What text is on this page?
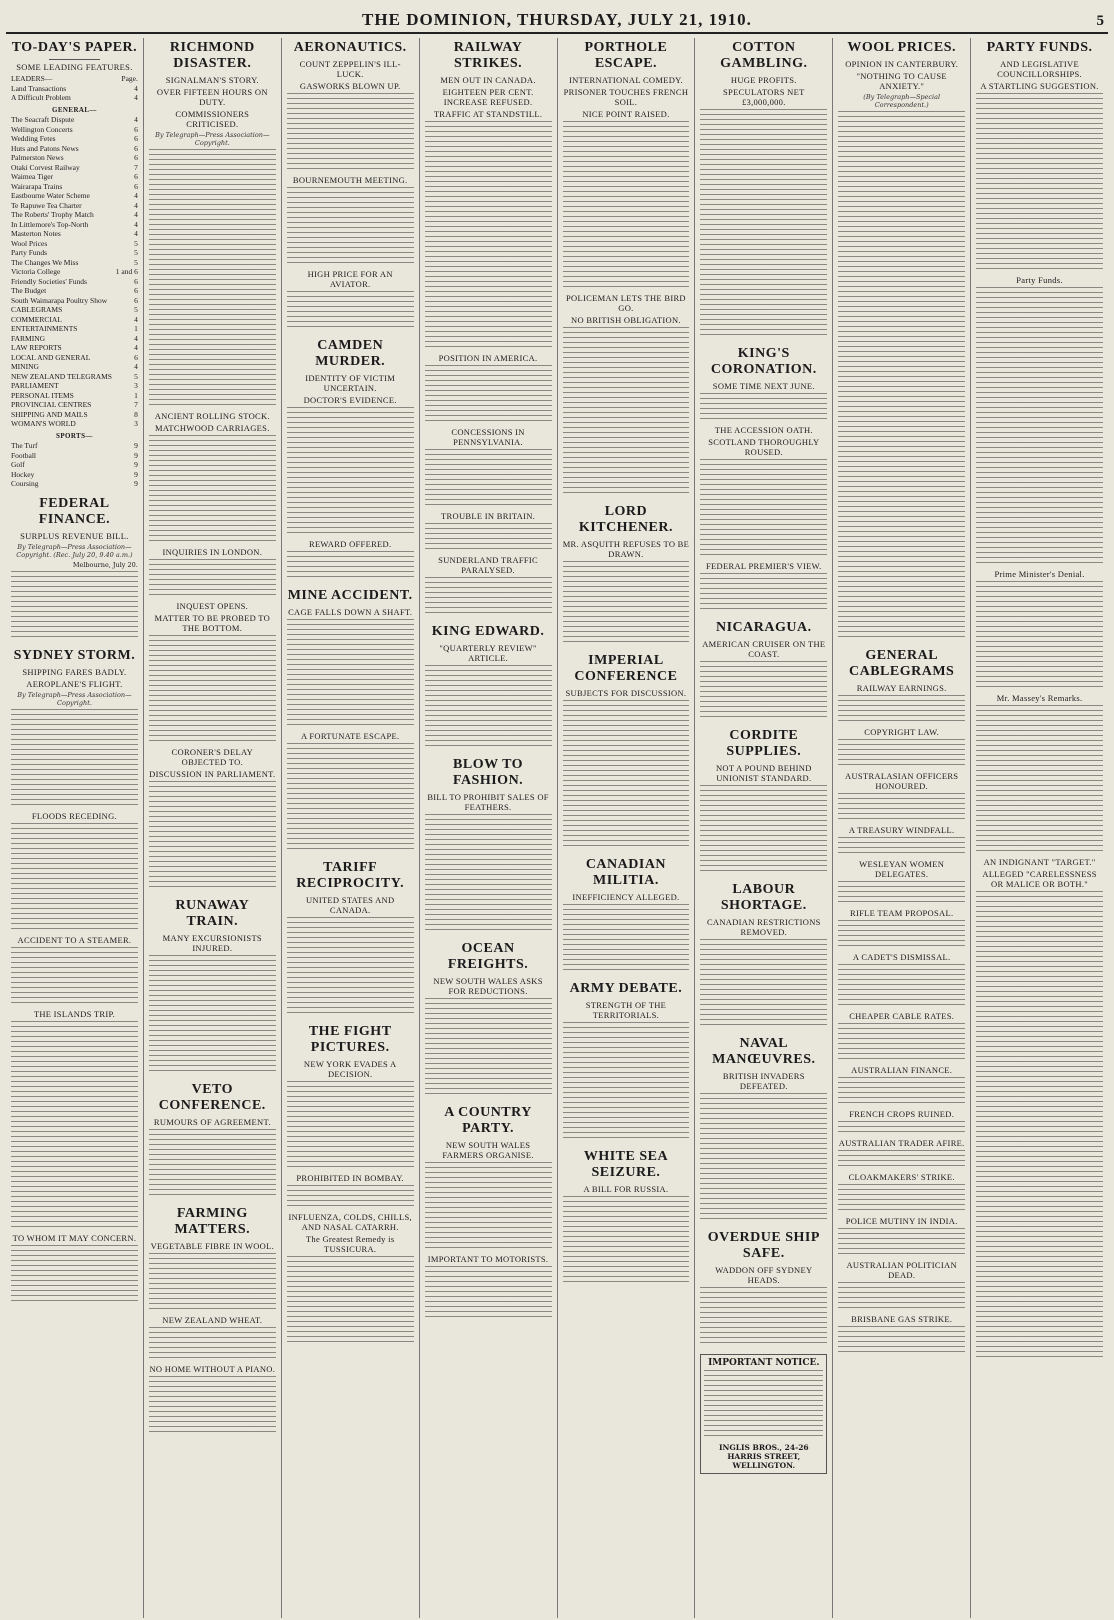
THE DOMINION, THURSDAY, JULY 21, 1910.	5
TO-DAY'S PAPER.
SOME LEADING FEATURES.
LEADERS—	Page.
Land Transactions	4
A Difficult Problem	4
GENERAL—
The Seacraft Dispute	4
Wellington Concerts	6
Wedding Fetes	6
Huts and Patons News	6
Palmerston News	6
Otaki Corvest Railway	7
Waimea Tiger	6
Wairarapa Trains	6
Eastbourne Water Scheme	4
Te Rapuwe Tea Charter	4
The Roberts' Trophy Match	4
In Littlemore's Top-North	4
Masterton Notes	4
Wool Prices	5
Party Funds	5
The Changes We Miss	5
Victoria College	1 and 6
Friendly Societies' Funds	6
The Budget	6
South Waimarapa Poultry Show	6
CABLEGRAMS	5
COMMERCIAL	4
ENTERTAINMENTS	1
FARMING	4
LAW REPORTS	4
LOCAL AND GENERAL	6
MINING	4
NEW ZEALAND TELEGRAMS	5
PARLIAMENT	3
PERSONAL ITEMS	1
PROVINCIAL CENTRES	7
SHIPPING AND MAILS	8
WOMAN'S WORLD	3
SPORTS—
The Turf	9
Football	9
Golf	9
Hockey	9
Coursing	9
FEDERAL FINANCE.
SURPLUS REVENUE BILL.
By Telegraph—Press Association—Copyright. (Rec. July 20, 9.40 a.m.)
Melbourne, July 20.
SYDNEY STORM.
SHIPPING FARES BADLY.
AEROPLANE'S FLIGHT.
By Telegraph—Press Association—Copyright.
FLOODS RECEDING.
ACCIDENT TO A STEAMER.
THE ISLANDS TRIP.
TO WHOM IT MAY CONCERN.
RICHMOND DISASTER.
SIGNALMAN'S STORY.
OVER FIFTEEN HOURS ON DUTY.
COMMISSIONERS CRITICISED.
By Telegraph—Press Association—Copyright.
ANCIENT ROLLING STOCK.
MATCHWOOD CARRIAGES.
INQUIRIES IN LONDON.
INQUEST OPENS.
MATTER TO BE PROBED TO THE BOTTOM.
CORONER'S DELAY OBJECTED TO.
DISCUSSION IN PARLIAMENT.
RUNAWAY TRAIN.
MANY EXCURSIONISTS INJURED.
VETO CONFERENCE.
RUMOURS OF AGREEMENT.
FARMING MATTERS.
VEGETABLE FIBRE IN WOOL.
NEW ZEALAND WHEAT.
NO HOME WITHOUT A PIANO.
AERONAUTICS.
COUNT ZEPPELIN'S ILL-LUCK.
GASWORKS BLOWN UP.
BOURNEMOUTH MEETING.
HIGH PRICE FOR AN AVIATOR.
CAMDEN MURDER.
IDENTITY OF VICTIM UNCERTAIN.
DOCTOR'S EVIDENCE.
REWARD OFFERED.
MINE ACCIDENT.
CAGE FALLS DOWN A SHAFT.
A FORTUNATE ESCAPE.
TARIFF RECIPROCITY.
UNITED STATES AND CANADA.
THE FIGHT PICTURES.
NEW YORK EVADES A DECISION.
PROHIBITED IN BOMBAY.
INFLUENZA, COLDS, CHILLS, AND NASAL CATARRH.
The Greatest Remedy is TUSSICURA.
RAILWAY STRIKES.
MEN OUT IN CANADA.
EIGHTEEN PER CENT. INCREASE REFUSED.
TRAFFIC AT STANDSTILL.
POSITION IN AMERICA.
CONCESSIONS IN PENNSYLVANIA.
TROUBLE IN BRITAIN.
SUNDERLAND TRAFFIC PARALYSED.
KING EDWARD.
"QUARTERLY REVIEW" ARTICLE.
BLOW TO FASHION.
BILL TO PROHIBIT SALES OF FEATHERS.
OCEAN FREIGHTS.
NEW SOUTH WALES ASKS FOR REDUCTIONS.
A COUNTRY PARTY.
NEW SOUTH WALES FARMERS ORGANISE.
IMPORTANT TO MOTORISTS.
PORTHOLE ESCAPE.
INTERNATIONAL COMEDY.
PRISONER TOUCHES FRENCH SOIL.
NICE POINT RAISED.
POLICEMAN LETS THE BIRD GO.
NO BRITISH OBLIGATION.
LORD KITCHENER.
MR. ASQUITH REFUSES TO BE DRAWN.
IMPERIAL CONFERENCE
SUBJECTS FOR DISCUSSION.
CANADIAN MILITIA.
INEFFICIENCY ALLEGED.
ARMY DEBATE.
STRENGTH OF THE TERRITORIALS.
WHITE SEA SEIZURE.
A BILL FOR RUSSIA.
COTTON GAMBLING.
HUGE PROFITS.
SPECULATORS NET £3,000,000.
KING'S CORONATION.
SOME TIME NEXT JUNE.
THE ACCESSION OATH.
SCOTLAND THOROUGHLY ROUSED.
FEDERAL PREMIER'S VIEW.
NICARAGUA.
AMERICAN CRUISER ON THE COAST.
CORDITE SUPPLIES.
NOT A POUND BEHIND UNIONIST STANDARD.
LABOUR SHORTAGE.
CANADIAN RESTRICTIONS REMOVED.
NAVAL MANŒUVRES.
BRITISH INVADERS DEFEATED.
OVERDUE SHIP SAFE.
WADDON OFF SYDNEY HEADS.
IMPORTANT NOTICE.
INGLIS BROS., 24-26 HARRIS STREET, WELLINGTON.
WOOL PRICES.
OPINION IN CANTERBURY.
"NOTHING TO CAUSE ANXIETY."
(By Telegraph—Special Correspondent.)
GENERAL CABLEGRAMS
RAILWAY EARNINGS.
COPYRIGHT LAW.
AUSTRALASIAN OFFICERS HONOURED.
A TREASURY WINDFALL.
WESLEYAN WOMEN DELEGATES.
RIFLE TEAM PROPOSAL.
A CADET'S DISMISSAL.
CHEAPER CABLE RATES.
AUSTRALIAN FINANCE.
FRENCH CROPS RUINED.
AUSTRALIAN TRADER AFIRE.
CLOAKMAKERS' STRIKE.
POLICE MUTINY IN INDIA.
AUSTRALIAN POLITICIAN DEAD.
BRISBANE GAS STRIKE.
PARTY FUNDS.
AND LEGISLATIVE COUNCILLORSHIPS.
A STARTLING SUGGESTION.
Party Funds.
Prime Minister's Denial.
Mr. Massey's Remarks.
AN INDIGNANT "TARGET."
ALLEGED "CARELESSNESS OR MALICE OR BOTH."
